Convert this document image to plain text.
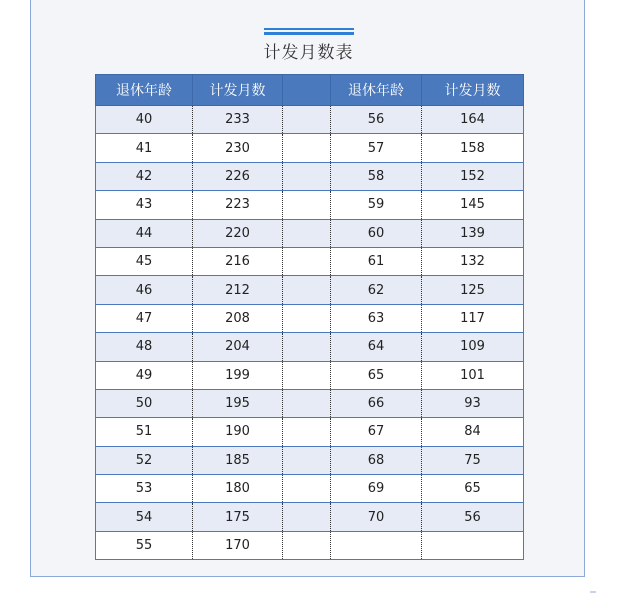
计发月数表
退休年龄	计发月数		退休年龄	计发月数
40	233		56	164
41	230		57	158
42	226		58	152
43	223		59	145
44	220		60	139
45	216		61	132
46	212		62	125
47	208		63	117
48	204		64	109
49	199		65	101
50	195		66	93
51	190		67	84
52	185		68	75
53	180		69	65
54	175		70	56
55	170			
